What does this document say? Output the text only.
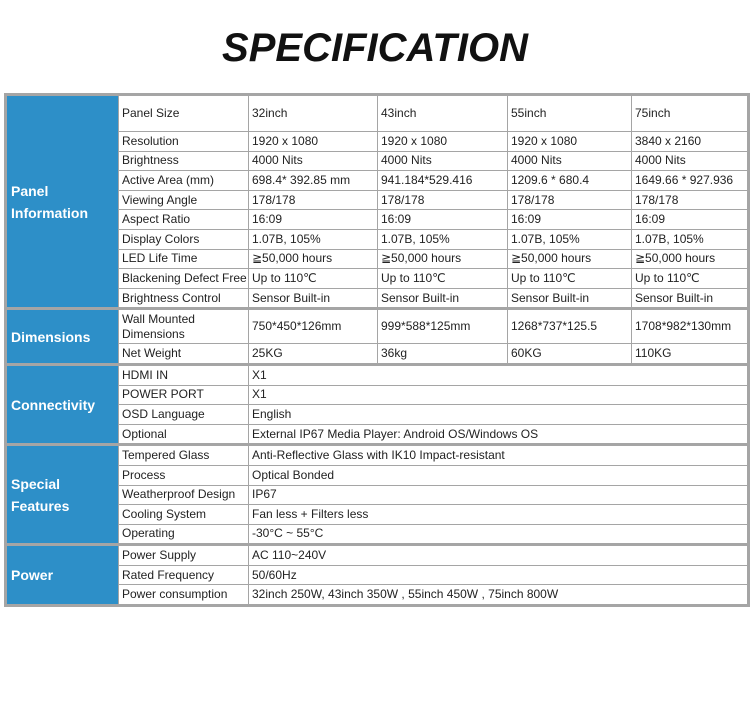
SPECIFICATION
Panel Information	Panel Size	32inch	43inch	55inch	75inch
	Resolution	1920 x 1080	1920 x 1080	1920 x 1080	3840 x 2160
	Brightness	4000 Nits	4000 Nits	4000 Nits	4000 Nits
	Active Area (mm)	698.4* 392.85 mm	941.184*529.416	1209.6 * 680.4	1649.66 * 927.936
	Viewing Angle	178/178	178/178	178/178	178/178
	Aspect Ratio	16:09	16:09	16:09	16:09
	Display Colors	1.07B, 105%	1.07B, 105%	1.07B, 105%	1.07B, 105%
	LED Life Time	≧50,000 hours	≧50,000 hours	≧50,000 hours	≧50,000 hours
	Blackening Defect Free	Up to 110℃	Up to 110℃	Up to 110℃	Up to 110℃
	Brightness Control	Sensor Built-in	Sensor Built-in	Sensor Built-in	Sensor Built-in

Dimensions	Wall Mounted Dimensions	750*450*126mm	999*588*125mm	1268*737*125.5	1708*982*130mm
	Net Weight	25KG	36kg	60KG	110KG

Connectivity	HDMI IN	X1			
	POWER PORT	X1			
	OSD Language	English			
	Optional	External IP67 Media Player: Android OS/Windows OS			

Special Features	Tempered Glass	Anti-Reflective Glass with IK10 Impact-resistant			
	Process	Optical Bonded			
	Weatherproof Design	IP67			
	Cooling System	Fan less + Filters less			
	Operating	-30°C ~ 55°C			

Power	Power Supply	AC 110~240V			
	Rated Frequency	50/60Hz			
	Power consumption	32inch 250W, 43inch 350W , 55inch 450W , 75inch 800W			
